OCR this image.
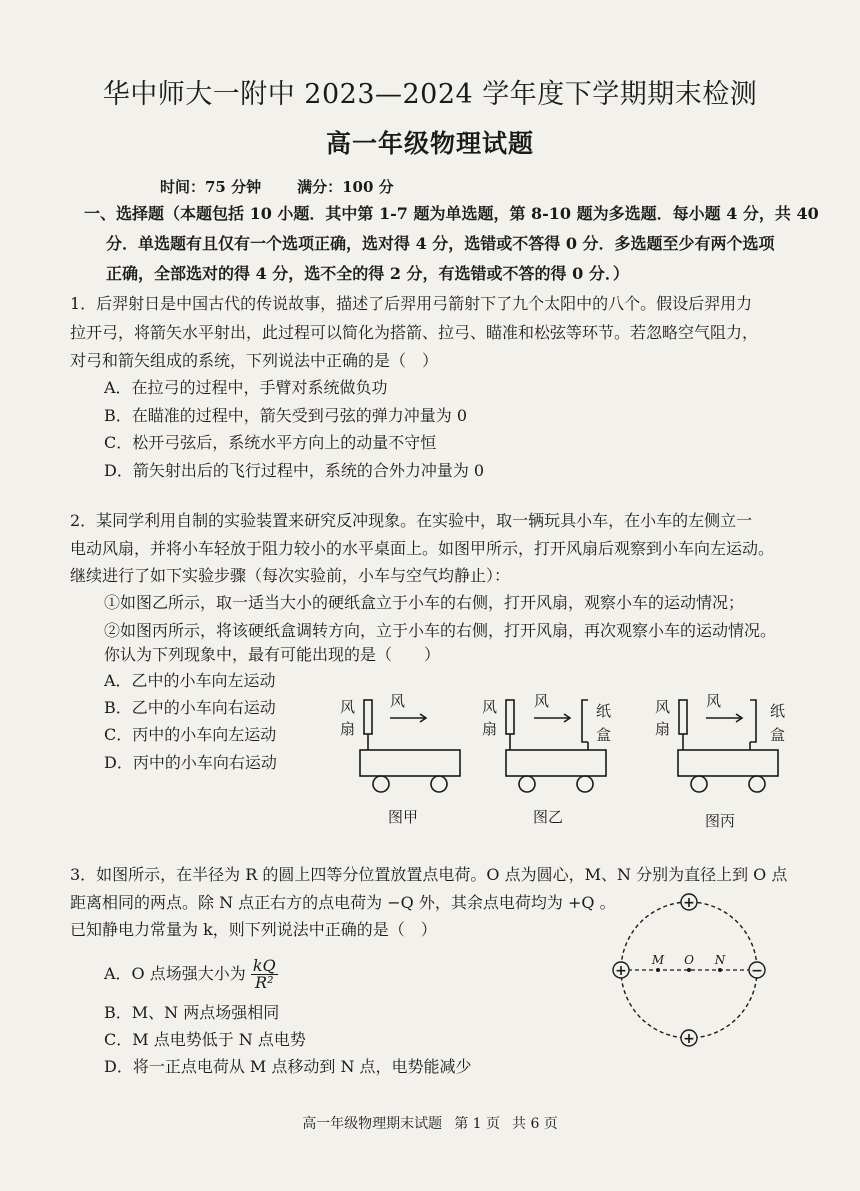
华中师大一附中 2023—2024 学年度下学期期末检测
高一年级物理试题
时间：75 分钟 满分：100 分
一、选择题（本题包括 10 小题．其中第 1-7 题为单选题，第 8-10 题为多选题．每小题 4 分，共 40
分．单选题有且仅有一个选项正确，选对得 4 分，选错或不答得 0 分．多选题至少有两个选项
正确，全部选对的得 4 分，选不全的得 2 分，有选错或不答的得 0 分．）
1．后羿射日是中国古代的传说故事，描述了后羿用弓箭射下了九个太阳中的八个。假设后羿用力
拉开弓，将箭矢水平射出，此过程可以简化为搭箭、拉弓、瞄准和松弦等环节。若忽略空气阻力，
对弓和箭矢组成的系统，下列说法中正确的是（　）
A．在拉弓的过程中，手臂对系统做负功
B．在瞄准的过程中，箭矢受到弓弦的弹力冲量为 0
C．松开弓弦后，系统水平方向上的动量不守恒
D．箭矢射出后的飞行过程中，系统的合外力冲量为 0
2．某同学利用自制的实验装置来研究反冲现象。在实验中，取一辆玩具小车，在小车的左侧立一
电动风扇，并将小车轻放于阻力较小的水平桌面上。如图甲所示，打开风扇后观察到小车向左运动。
继续进行了如下实验步骤（每次实验前，小车与空气均静止）：
①如图乙所示，取一适当大小的硬纸盒立于小车的右侧，打开风扇，观察小车的运动情况；
②如图丙所示，将该硬纸盒调转方向，立于小车的右侧，打开风扇，再次观察小车的运动情况。
你认为下列现象中，最有可能出现的是（　　）
A．乙中的小车向左运动
B．乙中的小车向右运动
C．丙中的小车向左运动
D．丙中的小车向右运动
风
扇
风	风
扇
风
纸
盒
风
扇
风
纸
盒
图甲	图乙	图丙
3．如图所示，在半径为 R 的圆上四等分位置放置点电荷。O 点为圆心，M、N 分别为直径上到 O 点
距离相同的两点。除 N 点正右方的点电荷为 −Q 外，其余点电荷均为 +Q 。
已知静电力常量为 k，则下列说法中正确的是（　）
A．O 点场强大小为 $\frac{kQ}{\text{R²}}$
B．M、N 两点场强相同
C．M 点电势低于 N 点电势
D．将一正点电荷从 M 点移动到 N 点，电势能减少
+
+	−
+
M O N
高一年级物理期末试题 第 1 页 共 6 页
